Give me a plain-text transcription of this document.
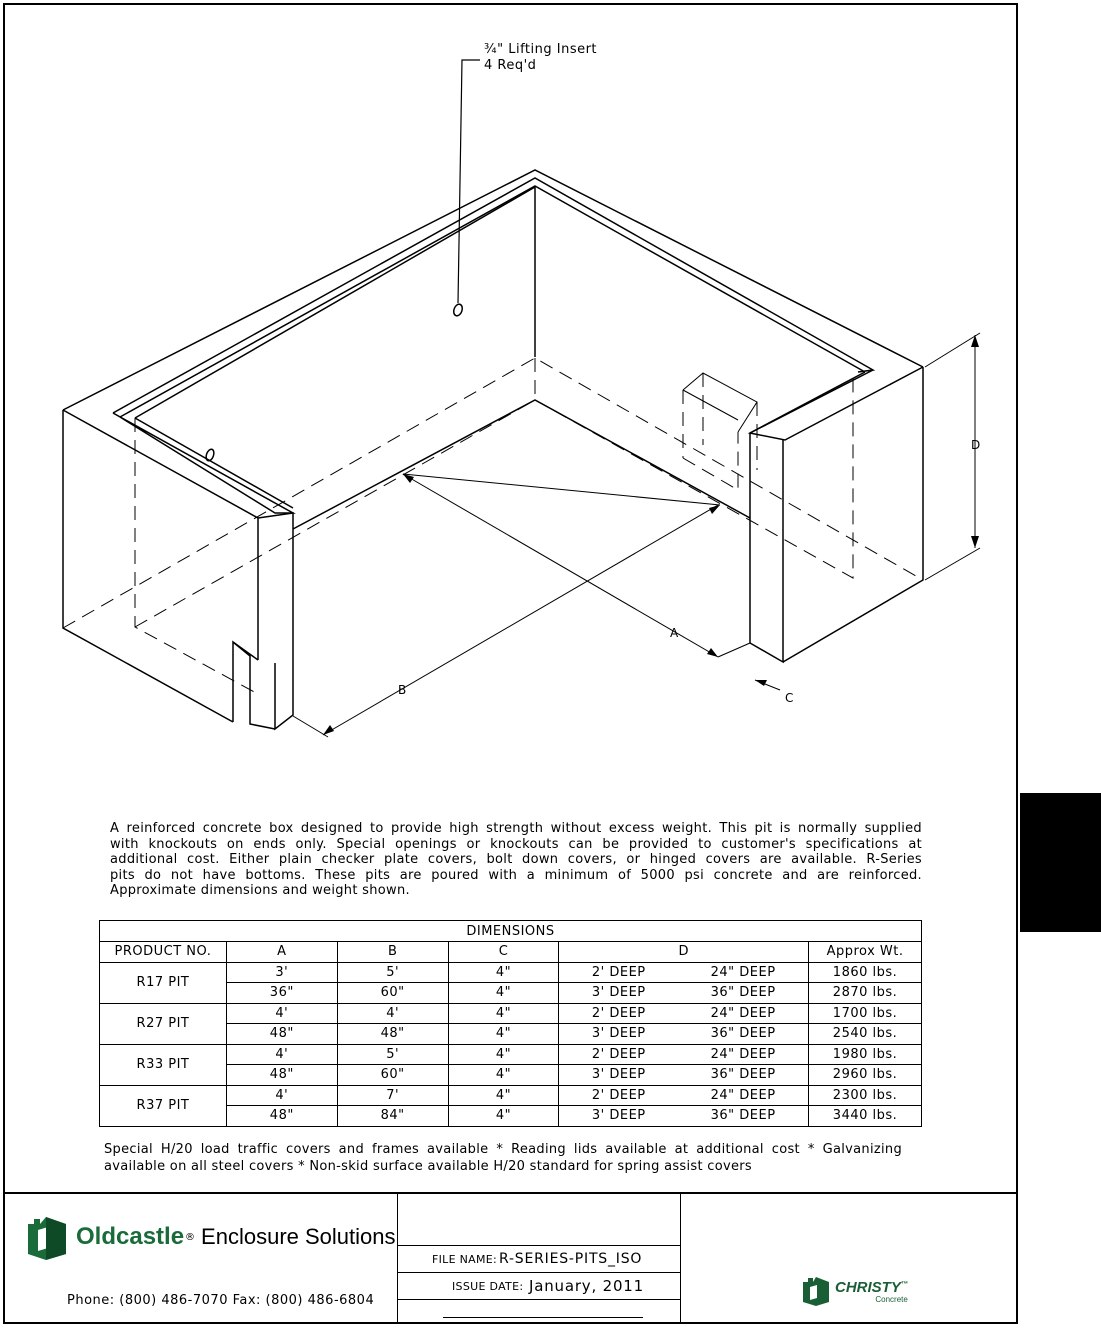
¾" Lifting Insert
4 Req'd
A
B
C
D
A reinforced concrete box designed to provide high strength without excess weight. This pit is normally supplied
with knockouts on ends only. Special openings or knockouts can be provided to customer's specifications at
additional cost. Either plain checker plate covers, bolt down covers, or hinged covers are available. R-Series
pits do not have bottoms. These pits are poured with a minimum of 5000 psi concrete and are reinforced.
Approximate dimensions and weight shown.
DIMENSIONS					
PRODUCT NO.	A	B	C	D	Approx Wt.
R17 PIT	3'	5'	4"	2' DEEP 24" DEEP	1860 lbs.
	36"	60"	4"	3' DEEP 36" DEEP	2870 lbs.
R27 PIT	4'	4'	4"	2' DEEP 24" DEEP	1700 lbs.
	48"	48"	4"	3' DEEP 36" DEEP	2540 lbs.
R33 PIT	4'	5'	4"	2' DEEP 24" DEEP	1980 lbs.
	48"	60"	4"	3' DEEP 36" DEEP	2960 lbs.
R37 PIT	4'	7'	4"	2' DEEP 24" DEEP	2300 lbs.
	48"	84"	4"	3' DEEP 36" DEEP	3440 lbs.
Special H/20 load traffic covers and frames available * Reading lids available at additional cost * Galvanizing
available on all steel covers * Non-skid surface available H/20 standard for spring assist covers
Oldcastle ® Enclosure Solutions
Phone: (800) 486-7070 Fax: (800) 486-6804
FILE NAME: R-SERIES-PITS_ISO
ISSUE DATE: January, 2011	CHRISTY™
Concrete
